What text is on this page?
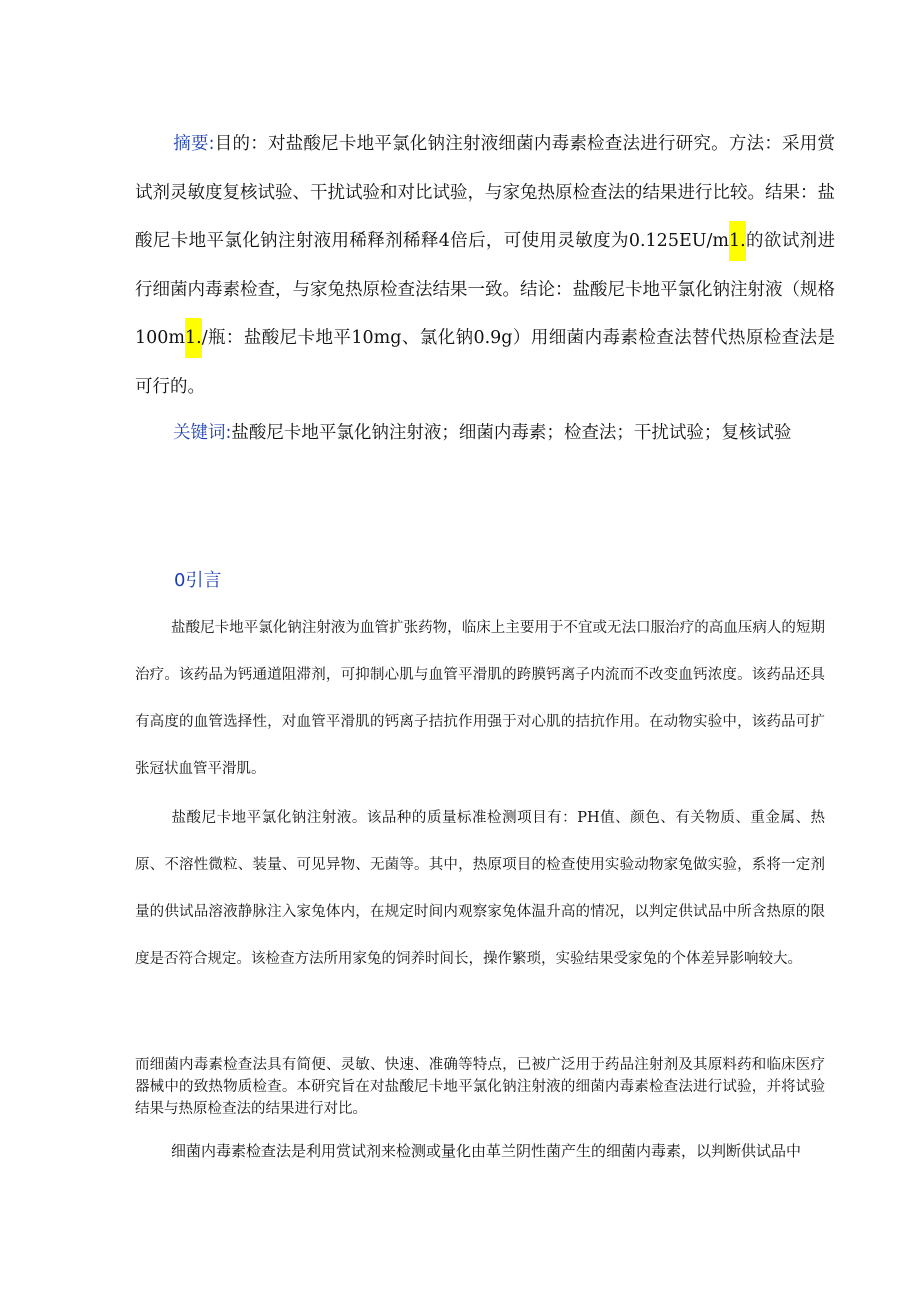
摘要:目的：对盐酸尼卡地平氯化钠注射液细菌内毒素检查法进行研究。方法：采用赏试剂灵敏度复核试验、干扰试验和对比试验，与家兔热原检查法的结果进行比较。结果：盐酸尼卡地平氯化钠注射液用稀释剂稀释4倍后，可使用灵敏度为0.125EU/m1.的欲试剂进行细菌内毒素检查，与家兔热原检查法结果一致。结论：盐酸尼卡地平氯化钠注射液（规格100m1./瓶：盐酸尼卡地平10mg、氯化钠0.9g）用细菌内毒素检查法替代热原检查法是可行的。

关键词:盐酸尼卡地平氯化钠注射液；细菌内毒素；检查法；干扰试验；复核试验

0引言

盐酸尼卡地平氯化钠注射液为血管扩张药物，临床上主要用于不宜或无法口服治疗的高血压病人的短期治疗。该药品为钙通道阻滞剂，可抑制心肌与血管平滑肌的跨膜钙离子内流而不改变血钙浓度。该药品还具有高度的血管选择性，对血管平滑肌的钙离子拮抗作用强于对心肌的拮抗作用。在动物实验中，该药品可扩张冠状血管平滑肌。

盐酸尼卡地平氯化钠注射液。该品种的质量标准检测项目有：PH值、颜色、有关物质、重金属、热原、不溶性微粒、装量、可见异物、无菌等。其中，热原项目的检查使用实验动物家兔做实验，系将一定剂量的供试品溶液静脉注入家兔体内，在规定时间内观察家兔体温升高的情况，以判定供试品中所含热原的限度是否符合规定。该检查方法所用家兔的饲养时间长，操作繁琐，实验结果受家兔的个体差异影响较大。

而细菌内毒素检查法具有简便、灵敏、快速、准确等特点，已被广泛用于药品注射剂及其原料药和临床医疗器械中的致热物质检查。本研究旨在对盐酸尼卡地平氯化钠注射液的细菌内毒素检查法进行试验，并将试验结果与热原检查法的结果进行对比。

细菌内毒素检查法是利用赏试剂来检测或量化由革兰阴性菌产生的细菌内毒素，以判断供试品中
